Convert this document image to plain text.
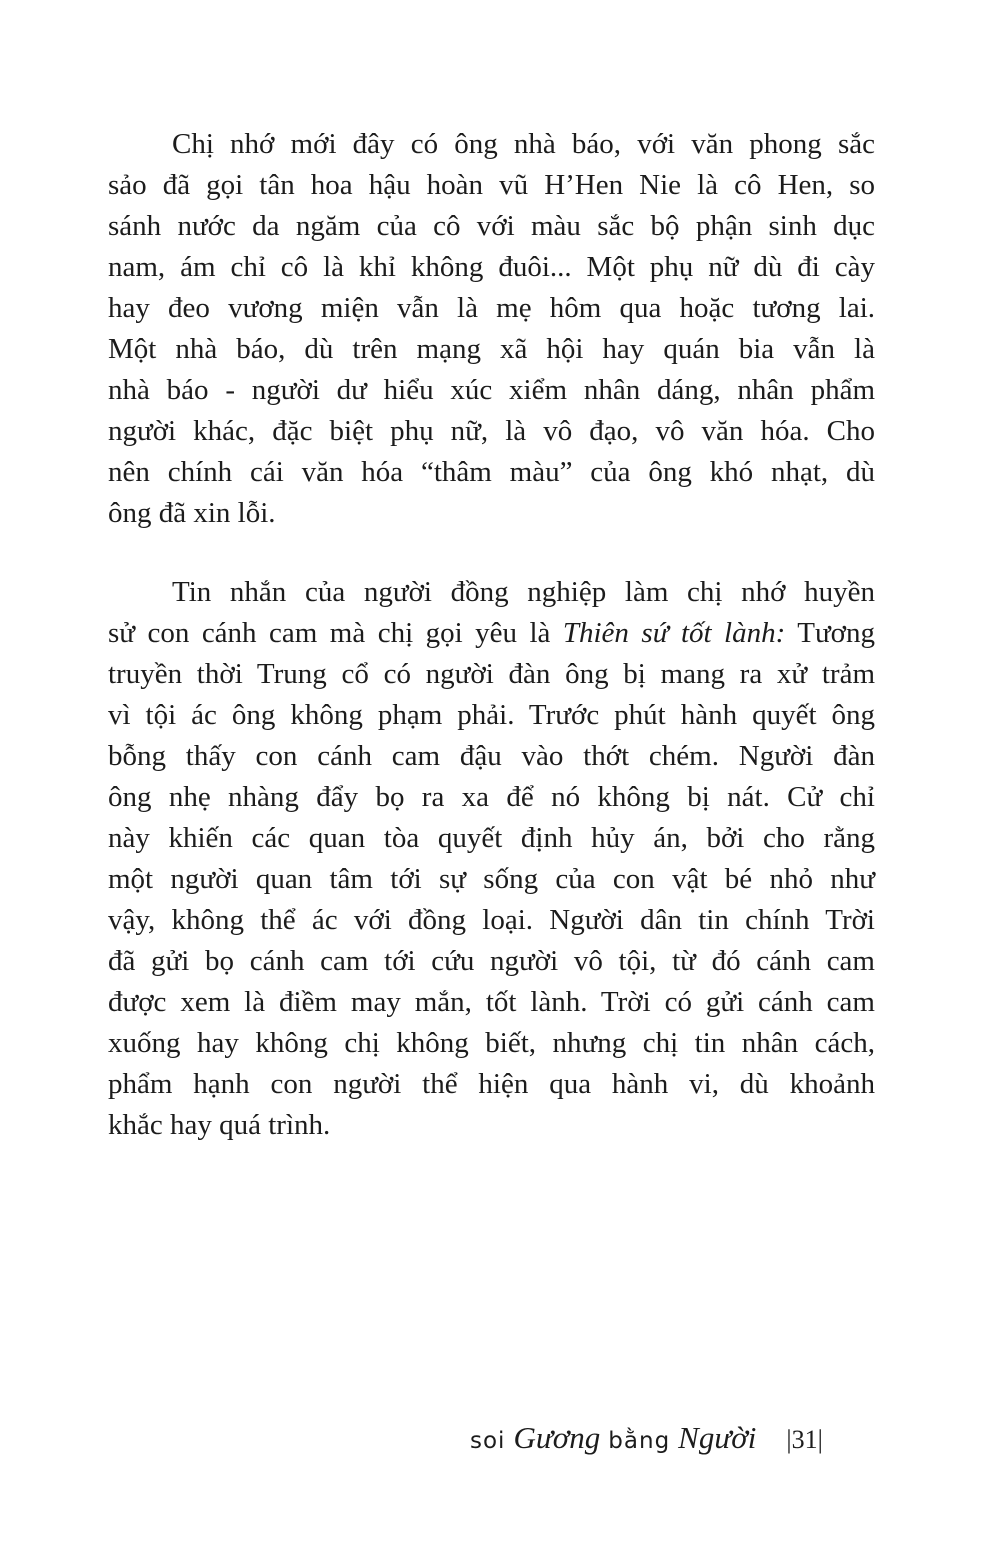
Chị nhớ mới đây có ông nhà báo, với văn phong sắc
sảo đã gọi tân hoa hậu hoàn vũ H’Hen Nie là cô Hen, so
sánh nước da ngăm của cô với màu sắc bộ phận sinh dục
nam, ám chỉ cô là khỉ không đuôi... Một phụ nữ dù đi cày
hay đeo vương miện vẫn là mẹ hôm qua hoặc tương lai.
Một nhà báo, dù trên mạng xã hội hay quán bia vẫn là
nhà báo - người dư hiểu xúc xiểm nhân dáng, nhân phẩm
người khác, đặc biệt phụ nữ, là vô đạo, vô văn hóa. Cho
nên chính cái văn hóa “thâm màu” của ông khó nhạt, dù
ông đã xin lỗi.
Tin nhắn của người đồng nghiệp làm chị nhớ huyền
sử con cánh cam mà chị gọi yêu là Thiên sứ tốt lành: Tương
truyền thời Trung cổ có người đàn ông bị mang ra xử trảm
vì tội ác ông không phạm phải. Trước phút hành quyết ông
bỗng thấy con cánh cam đậu vào thớt chém. Người đàn
ông nhẹ nhàng đẩy bọ ra xa để nó không bị nát. Cử chỉ
này khiến các quan tòa quyết định hủy án, bởi cho rằng
một người quan tâm tới sự sống của con vật bé nhỏ như
vậy, không thể ác với đồng loại. Người dân tin chính Trời
đã gửi bọ cánh cam tới cứu người vô tội, từ đó cánh cam
được xem là điềm may mắn, tốt lành. Trời có gửi cánh cam
xuống hay không chị không biết, nhưng chị tin nhân cách,
phẩm hạnh con người thể hiện qua hành vi, dù khoảnh
khắc hay quá trình.
soi Gương bằng Người |31|
